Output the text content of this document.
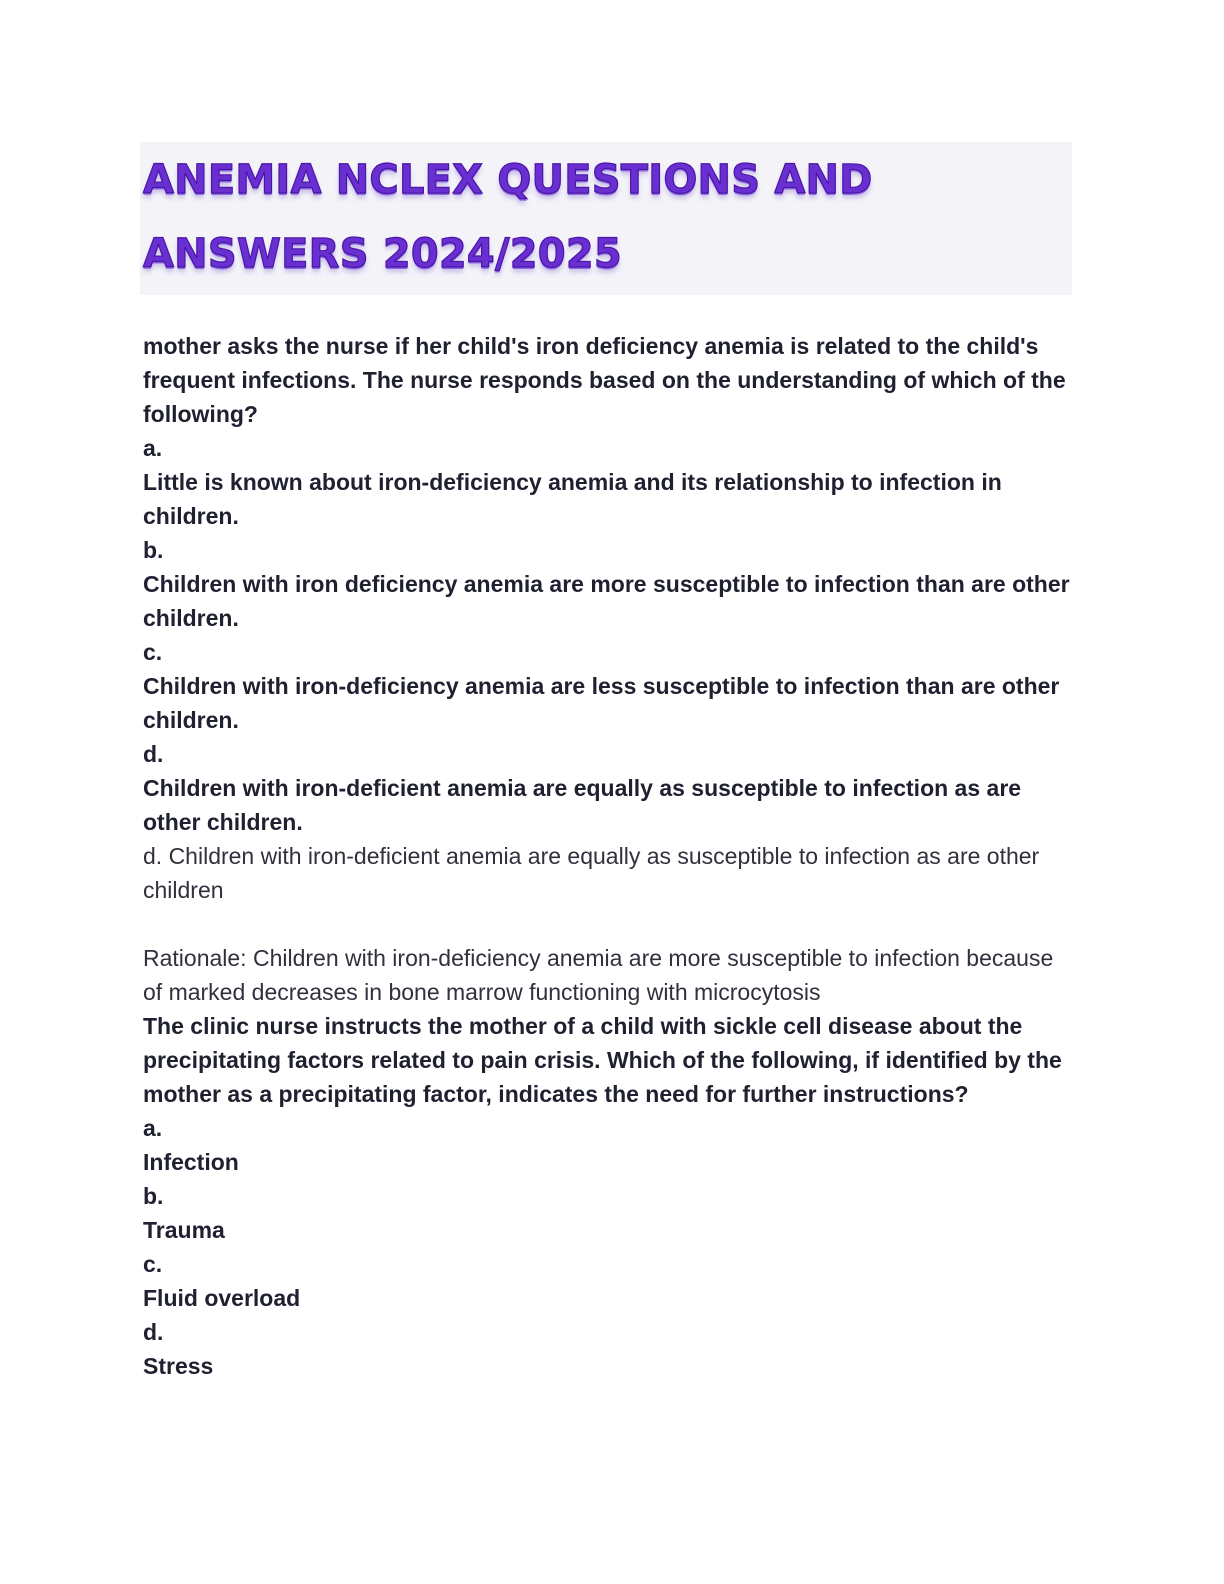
ANEMIA NCLEX QUESTIONS AND
ANSWERS 2024/2025

mother asks the nurse if her child's iron deficiency anemia is related to the child's frequent infections. The nurse responds based on the understanding of which of the following?

a.

Little is known about iron-deficiency anemia and its relationship to infection in children.

b.

Children with iron deficiency anemia are more susceptible to infection than are other children.

c.

Children with iron-deficiency anemia are less susceptible to infection than are other children.

d.

Children with iron-deficient anemia are equally as susceptible to infection as are other children.

d. Children with iron-deficient anemia are equally as susceptible to infection as are other children

Rationale: Children with iron-deficiency anemia are more susceptible to infection because of marked decreases in bone marrow functioning with microcytosis

The clinic nurse instructs the mother of a child with sickle cell disease about the precipitating factors related to pain crisis. Which of the following, if identified by the mother as a precipitating factor, indicates the need for further instructions?

a.

Infection

b.

Trauma

c.

Fluid overload

d.

Stress
